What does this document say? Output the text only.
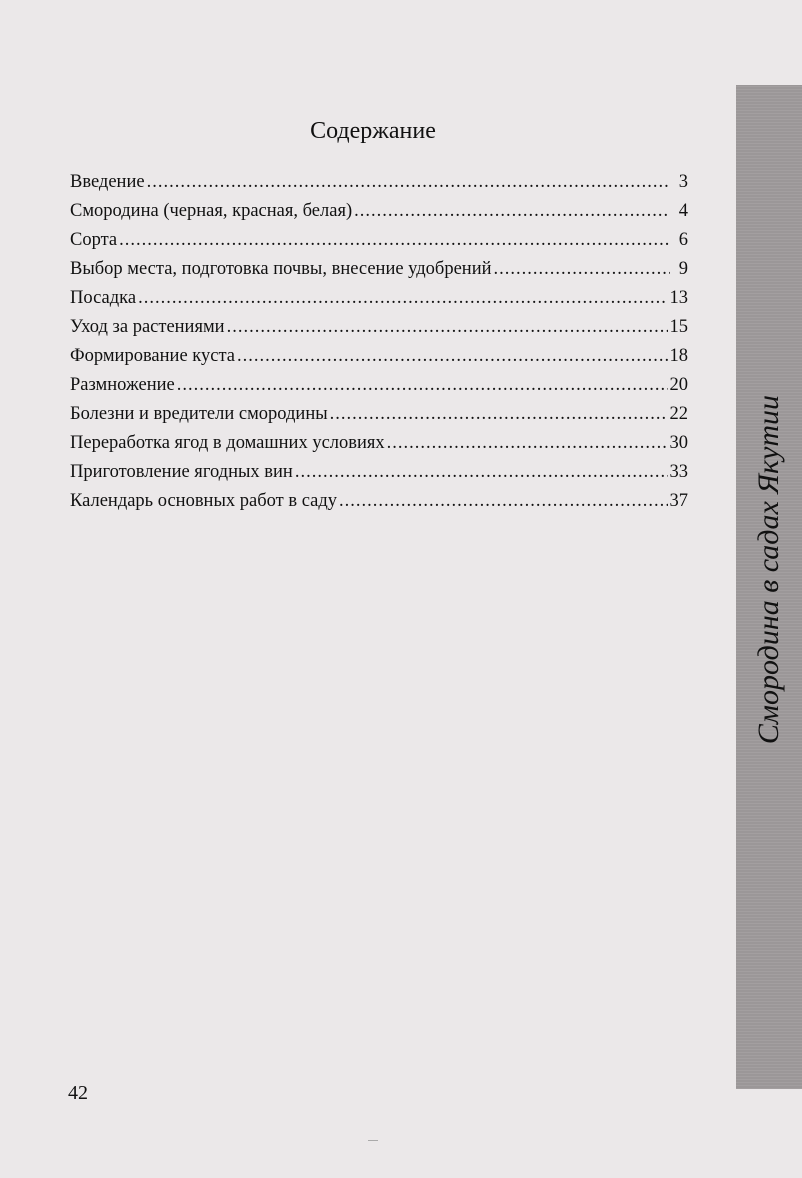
Содержание
Введение .....	3
Смородина (черная, красная, белая) .....	4
Сорта .....	6
Выбор места, подготовка почвы, внесение удобрений .....	9
Посадка .....	13
Уход за растениями .....	15
Формирование куста .....	18
Размножение .....	20
Болезни и вредители смородины .....	22
Переработка ягод в домашних условиях .....	30
Приготовление ягодных вин .....	33
Календарь основных работ в саду .....	37 Смородина в садах Якутии
42
